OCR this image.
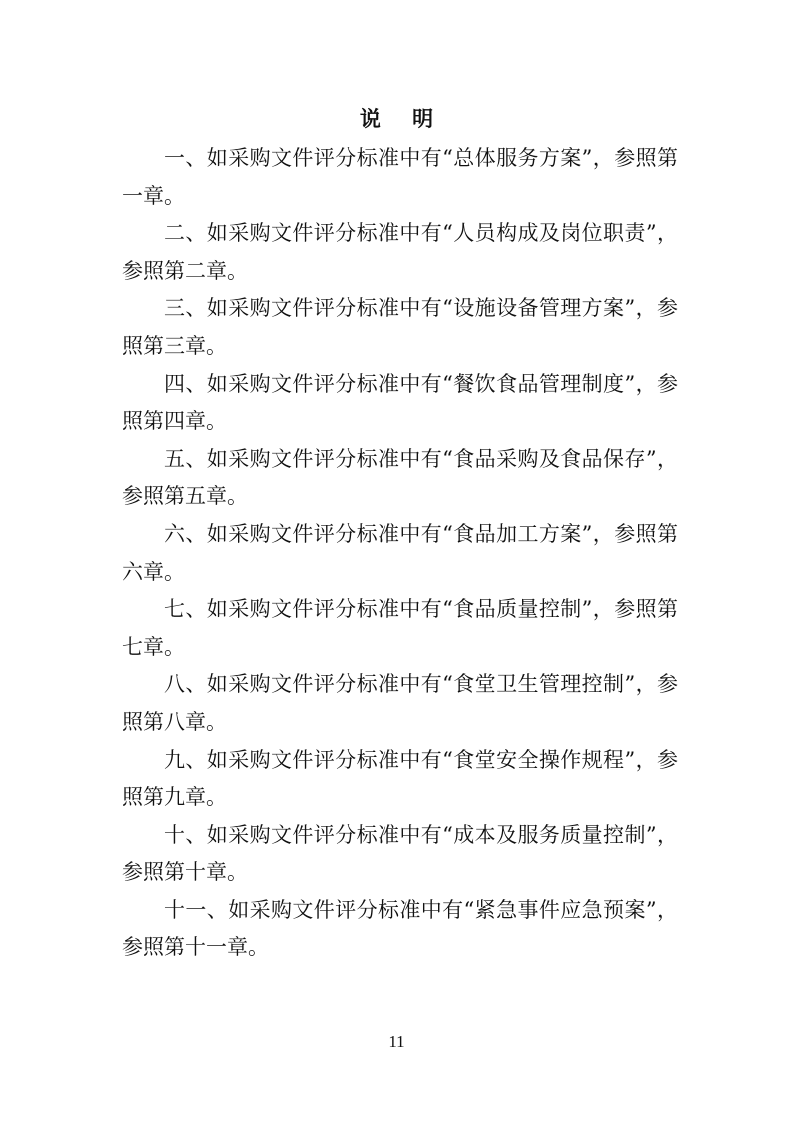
说 明

一、如采购文件评分标准中有“总体服务方案”，参照第一章。

二、如采购文件评分标准中有“人员构成及岗位职责”，参照第二章。

三、如采购文件评分标准中有“设施设备管理方案”，参照第三章。

四、如采购文件评分标准中有“餐饮食品管理制度”，参照第四章。

五、如采购文件评分标准中有“食品采购及食品保存”，参照第五章。

六、如采购文件评分标准中有“食品加工方案”，参照第六章。

七、如采购文件评分标准中有“食品质量控制”，参照第七章。

八、如采购文件评分标准中有“食堂卫生管理控制”，参照第八章。

九、如采购文件评分标准中有“食堂安全操作规程”，参照第九章。

十、如采购文件评分标准中有“成本及服务质量控制”，参照第十章。

十一、如采购文件评分标准中有“紧急事件应急预案”，参照第十一章。

11
